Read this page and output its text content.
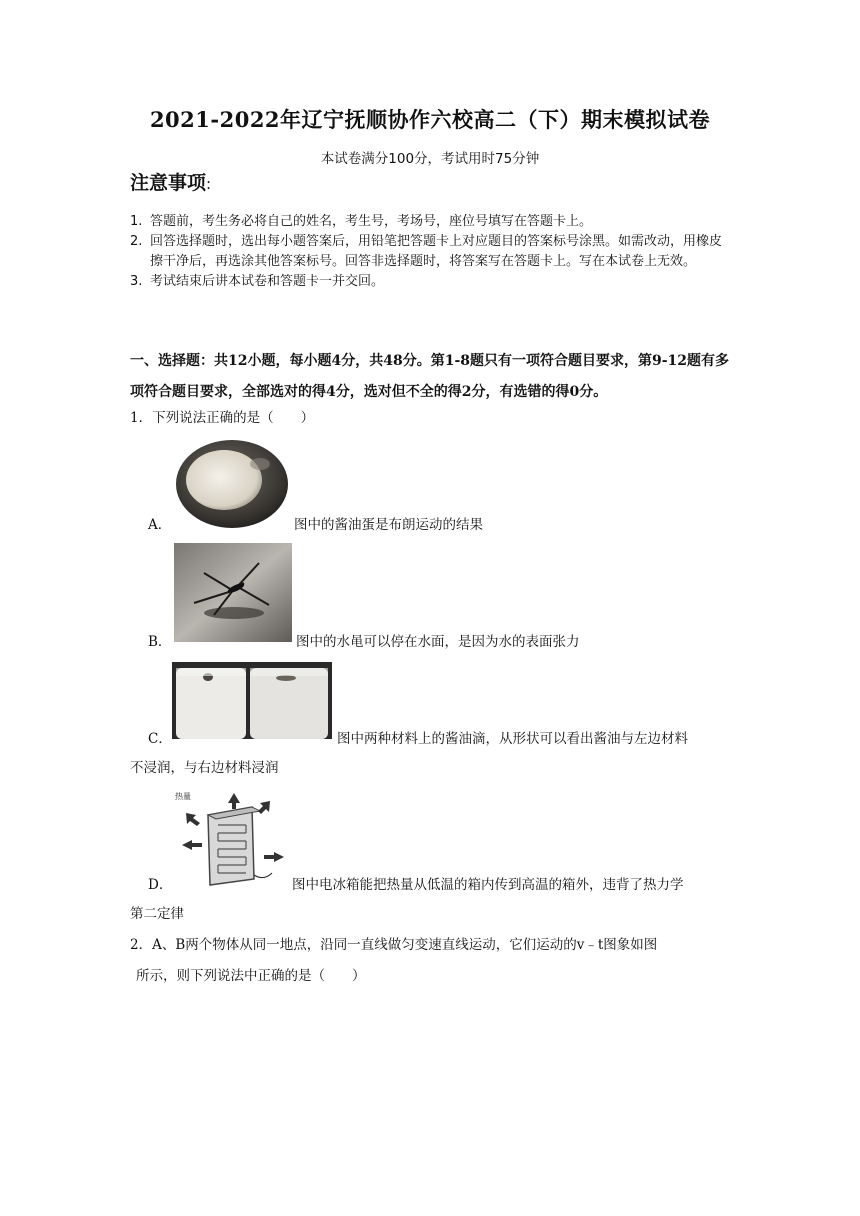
2021-2022年辽宁抚顺协作六校高二（下）期末模拟试卷
本试卷满分100分，考试用时75分钟
注意事项:
1. 答题前，考生务必将自己的姓名，考生号，考场号，座位号填写在答题卡上。
2. 回答选择题时，选出每小题答案后，用铅笔把答题卡上对应题目的答案标号涂黑。如需改动，用橡皮擦干净后，再选涂其他答案标号。回答非选择题时，将答案写在答题卡上。写在本试卷上无效。
3. 考试结束后讲本试卷和答题卡一并交回。
一、选择题：共12小题，每小题4分，共48分。第1-8题只有一项符合题目要求，第9-12题有多项符合题目要求，全部选对的得4分，选对但不全的得2分，有选错的得0分。
1．下列说法正确的是（　　）
A．	图中的酱油蛋是布朗运动的结果
B．	图中的水黾可以停在水面，是因为水的表面张力
C．	图中两种材料上的酱油滴，从形状可以看出酱油与左边材料
不浸润，与右边材料浸润
热量
D．	图中电冰箱能把热量从低温的箱内传到高温的箱外，违背了热力学
第二定律
2．A、B两个物体从同一地点，沿同一直线做匀变速直线运动，它们运动的v﹣t图象如图
所示，则下列说法中正确的是（　　）
